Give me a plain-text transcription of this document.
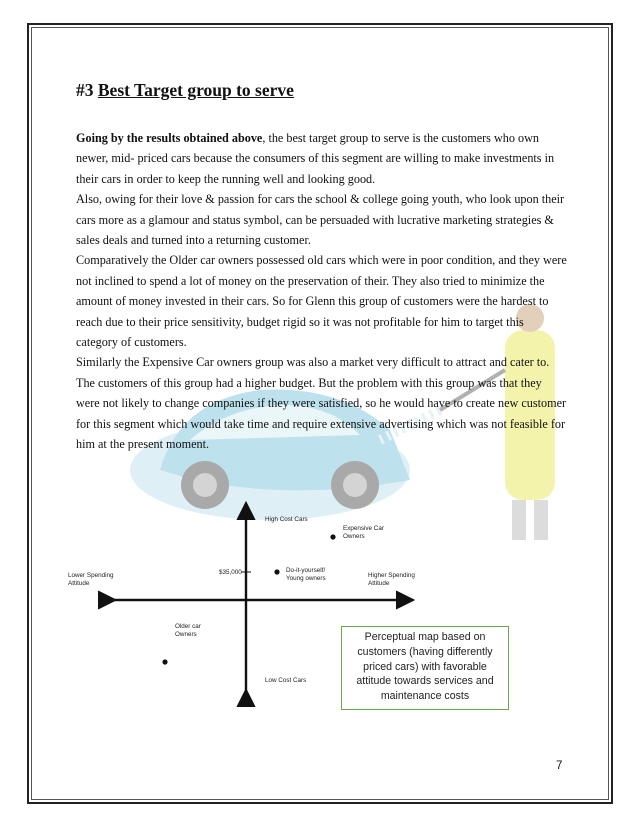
#3 Best Target group to serve

Going by the results obtained above, the best target group to serve is the customers who own newer, mid- priced cars because the consumers of this segment are willing to make investments in their cars in order to keep the running well and looking good.

Also, owing for their love & passion for cars the school & college going youth, who look upon their cars more as a glamour and status symbol, can be persuaded with lucrative marketing strategies & sales deals and turned into a returning customer.

Comparatively the Older car owners possessed old cars which were in poor condition, and they were not inclined to spend a lot of money on the preservation of their. They also tried to minimize the amount of money invested in their cars. So for Glenn this group of customers were the hardest to reach due to their price sensitivity, budget rigid so it was not profitable for him to target this category of customers.

Similarly the Expensive Car owners group was also a market very difficult to attract and cater to. The customers of this group had a higher budget. But the problem with this group was that they were not likely to change companies if they were satisfied, so he would have to create new customer for this segment which would take time and require extensive advertising which was not feasible for him at the present moment.

High Cost Cars
Low Cost Cars
Lower Spending
Attitude
Higher Spending
Attitude
$35,000
Expensive Car
Owners
Do-it-yourself/
Young owners
Older car
Owners	Perceptual map based on customers (having differently priced cars) with favorable attitude towards services and maintenance costs
7
